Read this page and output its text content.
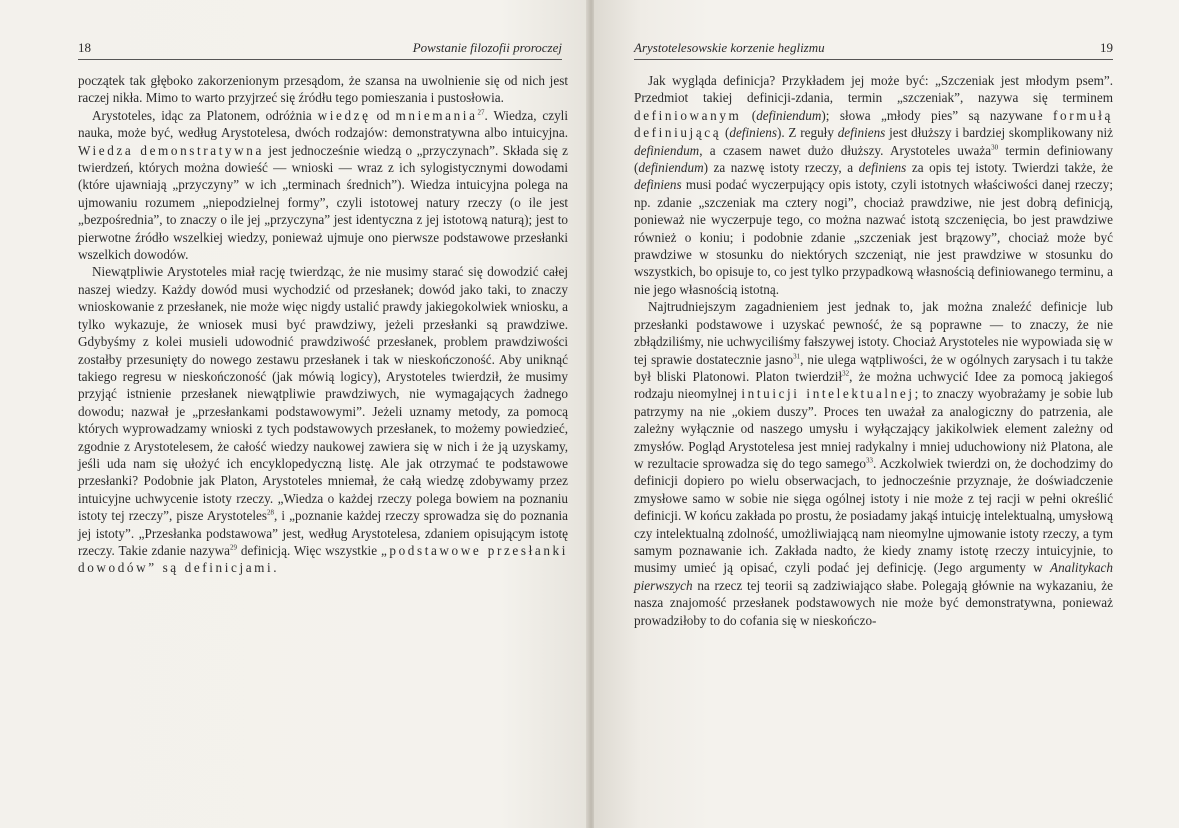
18	Powstanie filozofii proroczej

początek tak głęboko zakorzenionym przesądom, że szansa na uwolnienie się od nich jest raczej nikła. Mimo to warto przyjrzeć się źródłu tego pomieszania i pustosłowia.

Arystoteles, idąc za Platonem, odróżnia wiedzę od mniemania$^{27}$. Wiedza, czyli nauka, może być, według Arystotelesa, dwóch rodzajów: demonstratywna albo intuicyjna. Wiedza demonstratywna jest jednocześnie wiedzą o „przyczynach”. Składa się z twierdzeń, których można dowieść — wnioski — wraz z ich sylogistycznymi dowodami (które ujawniają „przyczyny” w ich „terminach średnich”). Wiedza intuicyjna polega na ujmowaniu rozumem „niepodzielnej formy”, czyli istotowej natury rzeczy (o ile jest „bezpośrednia”, to znaczy o ile jej „przyczyna” jest identyczna z jej istotową naturą); jest to pierwotne źródło wszelkiej wiedzy, ponieważ ujmuje ono pierwsze podstawowe przesłanki wszelkich dowodów.

Niewątpliwie Arystoteles miał rację twierdząc, że nie musimy starać się dowodzić całej naszej wiedzy. Każdy dowód musi wychodzić od przesłanek; dowód jako taki, to znaczy wnioskowanie z przesłanek, nie może więc nigdy ustalić prawdy jakiegokolwiek wniosku, a tylko wykazuje, że wniosek musi być prawdziwy, jeżeli przesłanki są prawdziwe. Gdybyśmy z kolei musieli udowodnić prawdziwość przesłanek, problem prawdziwości zostałby przesunięty do nowego zestawu przesłanek i tak w nieskończoność. Aby uniknąć takiego regresu w nieskończoność (jak mówią logicy), Arystoteles twierdził, że musimy przyjąć istnienie przesłanek niewątpliwie prawdziwych, nie wymagających żadnego dowodu; nazwał je „przesłankami podstawowymi”. Jeżeli uznamy metody, za pomocą których wyprowadzamy wnioski z tych podstawowych przesłanek, to możemy powiedzieć, zgodnie z Arystotelesem, że całość wiedzy naukowej zawiera się w nich i że ją uzyskamy, jeśli uda nam się ułożyć ich encyklopedyczną listę. Ale jak otrzymać te podstawowe przesłanki? Podobnie jak Platon, Arystoteles mniemał, że całą wiedzę zdobywamy przez intuicyjne uchwycenie istoty rzeczy. „Wiedza o każdej rzeczy polega bowiem na poznaniu istoty tej rzeczy”, pisze Arystoteles$^{28}$, i „poznanie każdej rzeczy sprowadza się do poznania jej istoty”. „Przesłanka podstawowa” jest, według Arystotelesa, zdaniem opisującym istotę rzeczy. Takie zdanie nazywa$^{29}$ definicją. Więc wszystkie „podstawowe przesłanki dowodów” są definicjami.

Arystotelesowskie korzenie heglizmu	19

Jak wygląda definicja? Przykładem jej może być: „Szczeniak jest młodym psem”. Przedmiot takiej definicji-zdania, termin „szczeniak”, nazywa się terminem definiowanym (definiendum); słowa „młody pies” są nazywane formułą definiującą (definiens). Z reguły definiens jest dłuższy i bardziej skomplikowany niż definiendum, a czasem nawet dużo dłuższy. Arystoteles uważa$^{30}$ termin definiowany (definiendum) za nazwę istoty rzeczy, a definiens za opis tej istoty. Twierdzi także, że definiens musi podać wyczerpujący opis istoty, czyli istotnych właściwości danej rzeczy; np. zdanie „szczeniak ma cztery nogi”, chociaż prawdziwe, nie jest dobrą definicją, ponieważ nie wyczerpuje tego, co można nazwać istotą szczenięcia, bo jest prawdziwe również o koniu; i podobnie zdanie „szczeniak jest brązowy”, chociaż może być prawdziwe w stosunku do niektórych szczeniąt, nie jest prawdziwe w stosunku do wszystkich, bo opisuje to, co jest tylko przypadkową własnością definiowanego terminu, a nie jego własnością istotną.

Najtrudniejszym zagadnieniem jest jednak to, jak można znaleźć definicje lub przesłanki podstawowe i uzyskać pewność, że są poprawne — to znaczy, że nie zbłądziliśmy, nie uchwyciliśmy fałszywej istoty. Chociaż Arystoteles nie wypowiada się w tej sprawie dostatecznie jasno$^{31}$, nie ulega wątpliwości, że w ogólnych zarysach i tu także był bliski Platonowi. Platon twierdził$^{32}$, że można uchwycić Idee za pomocą jakiegoś rodzaju nieomylnej intuicji intelektualnej; to znaczy wyobrażamy je sobie lub patrzymy na nie „okiem duszy”. Proces ten uważał za analogiczny do patrzenia, ale zależny wyłącznie od naszego umysłu i wyłączający jakikolwiek element zależny od zmysłów. Pogląd Arystotelesa jest mniej radykalny i mniej uduchowiony niż Platona, ale w rezultacie sprowadza się do tego samego$^{33}$. Aczkolwiek twierdzi on, że dochodzimy do definicji dopiero po wielu obserwacjach, to jednocześnie przyznaje, że doświadczenie zmysłowe samo w sobie nie sięga ogólnej istoty i nie może z tej racji w pełni określić definicji. W końcu zakłada po prostu, że posiadamy jakąś intuicję intelektualną, umysłową czy intelektualną zdolność, umożliwiającą nam nieomylne ujmowanie istoty rzeczy, a tym samym poznawanie ich. Zakłada nadto, że kiedy znamy istotę rzeczy intuicyjnie, to musimy umieć ją opisać, czyli podać jej definicję. (Jego argumenty w Analitykach pierwszych na rzecz tej teorii są zadziwiająco słabe. Polegają głównie na wykazaniu, że nasza znajomość przesłanek podstawowych nie może być demonstratywna, ponieważ prowadziłoby to do cofania się w nieskończo-
